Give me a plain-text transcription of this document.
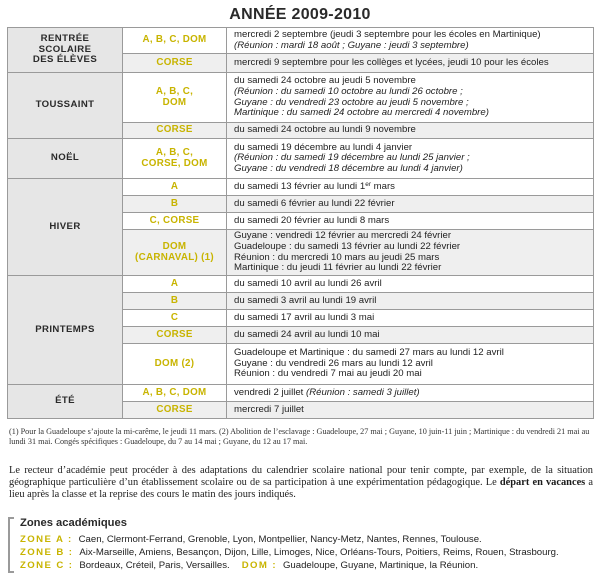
ANNÉE 2009-2010
RENTRÉE
SCOLAIRE
DES ÉLÈVES	A, B, C, DOM	mercredi 2 septembre (jeudi 3 septembre pour les écoles en Martinique)
(Réunion : mardi 18 août ; Guyane : jeudi 3 septembre)

	CORSE	mercredi 9 septembre pour les collèges et lycées, jeudi 10 pour les écoles

TOUSSAINT	A, B, C,
DOM	du samedi 24 octobre au jeudi 5 novembre
(Réunion : du samedi 10 octobre au lundi 26 octobre ;
Guyane : du vendredi 23 octobre au jeudi 5 novembre ;
Martinique : du samedi 24 octobre au mercredi 4 novembre)

	CORSE	du samedi 24 octobre au lundi 9 novembre

NOËL	A, B, C,
CORSE, DOM	du samedi 19 décembre au lundi 4 janvier
(Réunion : du samedi 19 décembre au lundi 25 janvier ;
Guyane : du vendredi 18 décembre au lundi 4 janvier)

HIVER	A	du samedi 13 février au lundi 1er mars

	B	du samedi 6 février au lundi 22 février

	C, CORSE	du samedi 20 février au lundi 8 mars

	DOM
(CARNAVAL) (1)	Guyane : vendredi 12 février au mercredi 24 février
Guadeloupe : du samedi 13 février au lundi 22 février
Réunion : du mercredi 10 mars au jeudi 25 mars
Martinique : du jeudi 11 février au lundi 22 février

PRINTEMPS	A	du samedi 10 avril au lundi 26 avril

	B	du samedi 3 avril au lundi 19 avril

	C	du samedi 17 avril au lundi 3 mai

	CORSE	du samedi 24 avril au lundi 10 mai

	DOM (2)	Guadeloupe et Martinique : du samedi 27 mars au lundi 12 avril
Guyane : du vendredi 26 mars au lundi 12 avril
Réunion : du vendredi 7 mai au jeudi 20 mai

ÉTÉ	A, B, C, DOM	vendredi 2 juillet (Réunion : samedi 3 juillet)

	CORSE	mercredi 7 juillet
(1) Pour la Guadeloupe s’ajoute la mi-carême, le jeudi 11 mars. (2) Abolition de l’esclavage : Guadeloupe, 27 mai ; Guyane, 10 juin-11 juin ; Martinique : du vendredi 21 mai au lundi 31 mai. Congés spécifiques : Guadeloupe, du 7 au 14 mai ; Guyane, du 12 au 17 mai.
Le recteur d’académie peut procéder à des adaptations du calendrier scolaire national pour tenir compte, par exemple, de la situation géographique particulière d’un établissement scolaire ou de sa participation à une expérimentation pédagogique. Le départ en vacances a lieu après la classe et la reprise des cours le matin des jours indiqués.
Zones académiques
ZONE A : Caen, Clermont-Ferrand, Grenoble, Lyon, Montpellier, Nancy-Metz, Nantes, Rennes, Toulouse.
ZONE B : Aix-Marseille, Amiens, Besançon, Dijon, Lille, Limoges, Nice, Orléans-Tours, Poitiers, Reims, Rouen, Strasbourg.
ZONE C : Bordeaux, Créteil, Paris, Versailles. DOM : Guadeloupe, Guyane, Martinique, la Réunion.
